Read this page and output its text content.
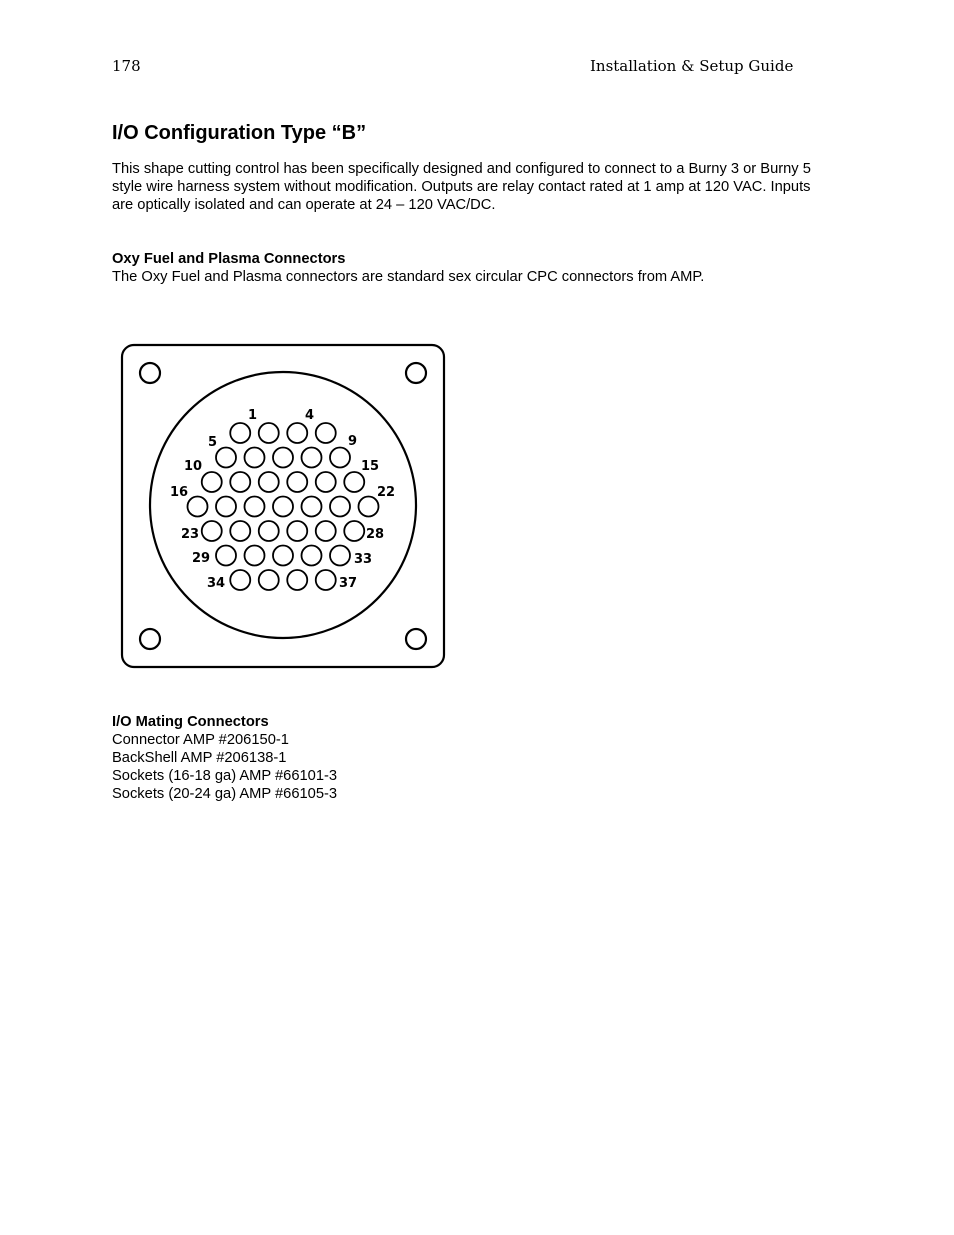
178	Installation & Setup Guide
I/O Configuration Type “B”

This shape cutting control has been specifically designed and configured to connect to a Burny 3 or Burny 5 style wire harness system without modification. Outputs are relay contact rated at 1 amp at 120 VAC. Inputs are optically isolated and can operate at 24 – 120 VAC/DC.

Oxy Fuel and Plasma Connectors

The Oxy Fuel and Plasma connectors are standard sex circular CPC connectors from AMP.

1	4
5	9
10	15
16	22
23	28
29	33
34	37

I/O Mating Connectors

Connector AMP #206150-1

BackShell AMP #206138-1

Sockets (16-18 ga) AMP #66101-3

Sockets (20-24 ga) AMP #66105-3
